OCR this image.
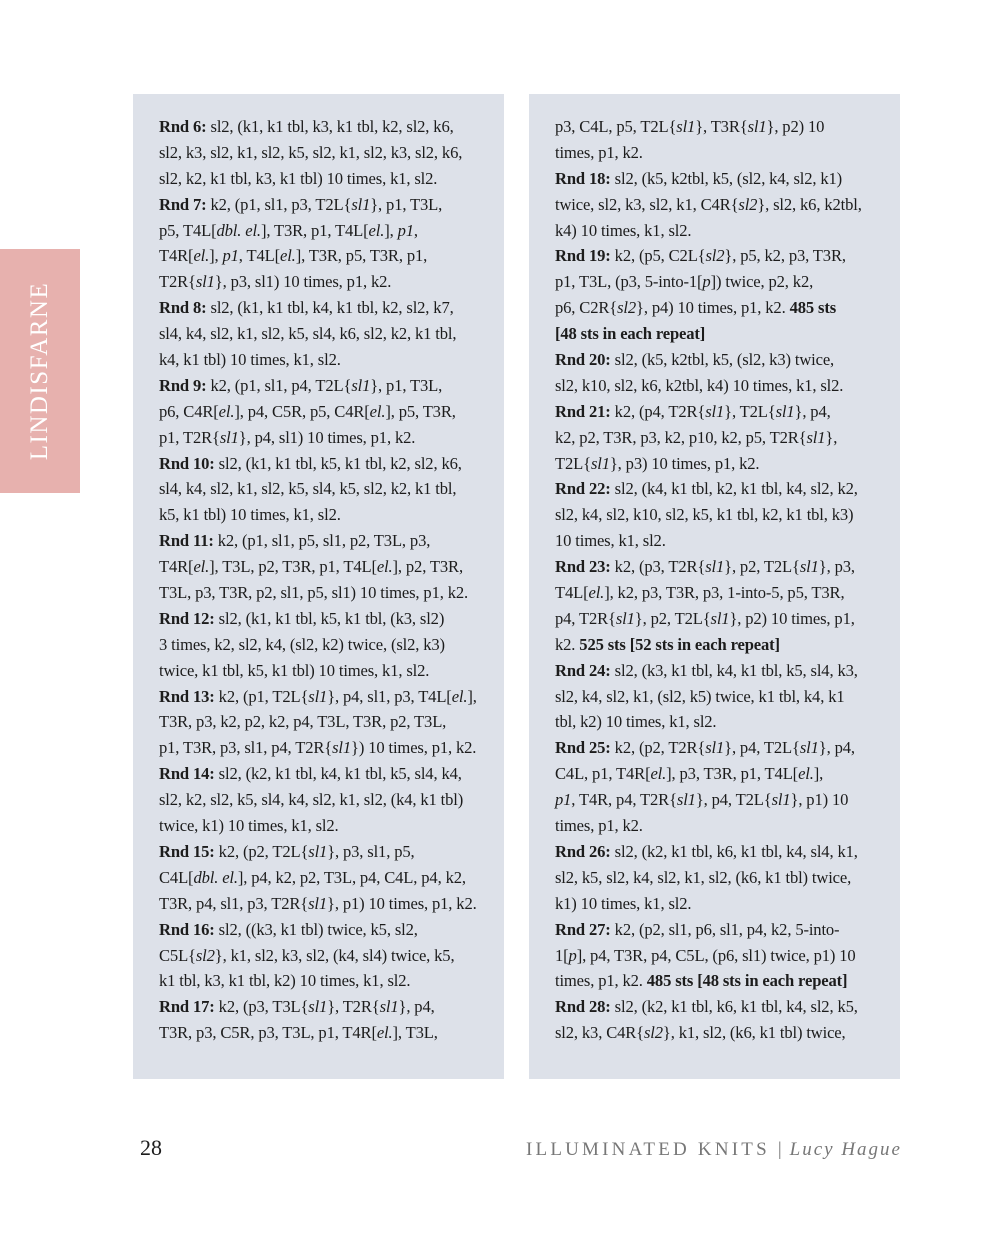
LINDISFARNE
Rnd 6: sl2, (k1, k1 tbl, k3, k1 tbl, k2, sl2, k6,
sl2, k3, sl2, k1, sl2, k5, sl2, k1, sl2, k3, sl2, k6,
sl2, k2, k1 tbl, k3, k1 tbl) 10 times, k1, sl2.
Rnd 7: k2, (p1, sl1, p3, T2L{sl1}, p1, T3L,
p5, T4L[dbl. el.], T3R, p1, T4L[el.], p1,
T4R[el.], p1, T4L[el.], T3R, p5, T3R, p1,
T2R{sl1}, p3, sl1) 10 times, p1, k2.
Rnd 8: sl2, (k1, k1 tbl, k4, k1 tbl, k2, sl2, k7,
sl4, k4, sl2, k1, sl2, k5, sl4, k6, sl2, k2, k1 tbl,
k4, k1 tbl) 10 times, k1, sl2.
Rnd 9: k2, (p1, sl1, p4, T2L{sl1}, p1, T3L,
p6, C4R[el.], p4, C5R, p5, C4R[el.], p5, T3R,
p1, T2R{sl1}, p4, sl1) 10 times, p1, k2.
Rnd 10: sl2, (k1, k1 tbl, k5, k1 tbl, k2, sl2, k6,
sl4, k4, sl2, k1, sl2, k5, sl4, k5, sl2, k2, k1 tbl,
k5, k1 tbl) 10 times, k1, sl2.
Rnd 11: k2, (p1, sl1, p5, sl1, p2, T3L, p3,
T4R[el.], T3L, p2, T3R, p1, T4L[el.], p2, T3R,
T3L, p3, T3R, p2, sl1, p5, sl1) 10 times, p1, k2.
Rnd 12: sl2, (k1, k1 tbl, k5, k1 tbl, (k3, sl2)
3 times, k2, sl2, k4, (sl2, k2) twice, (sl2, k3)
twice, k1 tbl, k5, k1 tbl) 10 times, k1, sl2.
Rnd 13: k2, (p1, T2L{sl1}, p4, sl1, p3, T4L[el.],
T3R, p3, k2, p2, k2, p4, T3L, T3R, p2, T3L,
p1, T3R, p3, sl1, p4, T2R{sl1}) 10 times, p1, k2.
Rnd 14: sl2, (k2, k1 tbl, k4, k1 tbl, k5, sl4, k4,
sl2, k2, sl2, k5, sl4, k4, sl2, k1, sl2, (k4, k1 tbl)
twice, k1) 10 times, k1, sl2.
Rnd 15: k2, (p2, T2L{sl1}, p3, sl1, p5,
C4L[dbl. el.], p4, k2, p2, T3L, p4, C4L, p4, k2,
T3R, p4, sl1, p3, T2R{sl1}, p1) 10 times, p1, k2.
Rnd 16: sl2, ((k3, k1 tbl) twice, k5, sl2,
C5L{sl2}, k1, sl2, k3, sl2, (k4, sl4) twice, k5,
k1 tbl, k3, k1 tbl, k2) 10 times, k1, sl2.
Rnd 17: k2, (p3, T3L{sl1}, T2R{sl1}, p4,
T3R, p3, C5R, p3, T3L, p1, T4R[el.], T3L,
p3, C4L, p5, T2L{sl1}, T3R{sl1}, p2) 10
times, p1, k2.
Rnd 18: sl2, (k5, k2tbl, k5, (sl2, k4, sl2, k1)
twice, sl2, k3, sl2, k1, C4R{sl2}, sl2, k6, k2tbl,
k4) 10 times, k1, sl2.
Rnd 19: k2, (p5, C2L{sl2}, p5, k2, p3, T3R,
p1, T3L, (p3, 5-into-1[p]) twice, p2, k2,
p6, C2R{sl2}, p4) 10 times, p1, k2. 485 sts
[48 sts in each repeat]
Rnd 20: sl2, (k5, k2tbl, k5, (sl2, k3) twice,
sl2, k10, sl2, k6, k2tbl, k4) 10 times, k1, sl2.
Rnd 21: k2, (p4, T2R{sl1}, T2L{sl1}, p4,
k2, p2, T3R, p3, k2, p10, k2, p5, T2R{sl1},
T2L{sl1}, p3) 10 times, p1, k2.
Rnd 22: sl2, (k4, k1 tbl, k2, k1 tbl, k4, sl2, k2,
sl2, k4, sl2, k10, sl2, k5, k1 tbl, k2, k1 tbl, k3)
10 times, k1, sl2.
Rnd 23: k2, (p3, T2R{sl1}, p2, T2L{sl1}, p3,
T4L[el.], k2, p3, T3R, p3, 1-into-5, p5, T3R,
p4, T2R{sl1}, p2, T2L{sl1}, p2) 10 times, p1,
k2. 525 sts [52 sts in each repeat]
Rnd 24: sl2, (k3, k1 tbl, k4, k1 tbl, k5, sl4, k3,
sl2, k4, sl2, k1, (sl2, k5) twice, k1 tbl, k4, k1
tbl, k2) 10 times, k1, sl2.
Rnd 25: k2, (p2, T2R{sl1}, p4, T2L{sl1}, p4,
C4L, p1, T4R[el.], p3, T3R, p1, T4L[el.],
p1, T4R, p4, T2R{sl1}, p4, T2L{sl1}, p1) 10
times, p1, k2.
Rnd 26: sl2, (k2, k1 tbl, k6, k1 tbl, k4, sl4, k1,
sl2, k5, sl2, k4, sl2, k1, sl2, (k6, k1 tbl) twice,
k1) 10 times, k1, sl2.
Rnd 27: k2, (p2, sl1, p6, sl1, p4, k2, 5-into-
1[p], p4, T3R, p4, C5L, (p6, sl1) twice, p1) 10
times, p1, k2. 485 sts [48 sts in each repeat]
Rnd 28: sl2, (k2, k1 tbl, k6, k1 tbl, k4, sl2, k5,
sl2, k3, C4R{sl2}, k1, sl2, (k6, k1 tbl) twice,
28	ILLUMINATED KNITS | Lucy Hague
